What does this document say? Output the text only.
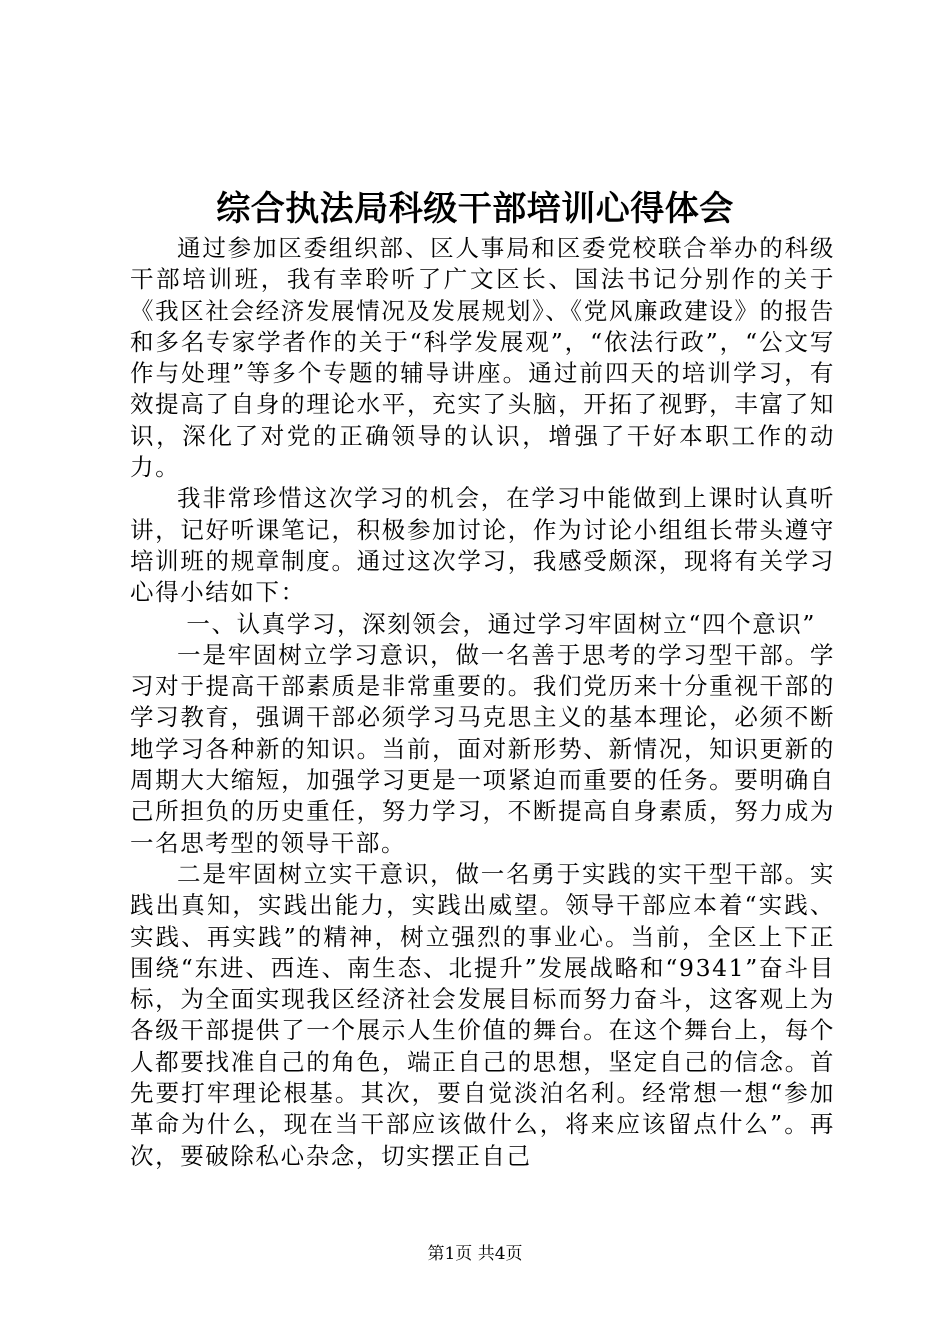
综合执法局科级干部培训心得体会

通过参加区委组织部、区人事局和区委党校联合举办的科级干部培训班，我有幸聆听了广文区长、国法书记分别作的关于《我区社会经济发展情况及发展规划》、《党风廉政建设》的报告和多名专家学者作的关于“科学发展观”，“依法行政”，“公文写作与处理”等多个专题的辅导讲座。通过前四天的培训学习，有效提高了自身的理论水平，充实了头脑，开拓了视野，丰富了知识，深化了对党的正确领导的认识，增强了干好本职工作的动力。

我非常珍惜这次学习的机会，在学习中能做到上课时认真听讲，记好听课笔记，积极参加讨论，作为讨论小组组长带头遵守培训班的规章制度。通过这次学习，我感受颇深，现将有关学习心得小结如下：

一、认真学习，深刻领会，通过学习牢固树立“四个意识”

一是牢固树立学习意识，做一名善于思考的学习型干部。学习对于提高干部素质是非常重要的。我们党历来十分重视干部的学习教育，强调干部必须学习马克思主义的基本理论，必须不断地学习各种新的知识。当前，面对新形势、新情况，知识更新的周期大大缩短，加强学习更是一项紧迫而重要的任务。要明确自己所担负的历史重任，努力学习，不断提高自身素质，努力成为一名思考型的领导干部。

二是牢固树立实干意识，做一名勇于实践的实干型干部。实践出真知，实践出能力，实践出威望。领导干部应本着“实践、实践、再实践”的精神，树立强烈的事业心。当前，全区上下正围绕“东进、西连、南生态、北提升”发展战略和“9341”奋斗目标，为全面实现我区经济社会发展目标而努力奋斗，这客观上为各级干部提供了一个展示人生价值的舞台。在这个舞台上，每个人都要找准自己的角色，端正自己的思想，坚定自己的信念。首先要打牢理论根基。其次，要自觉淡泊名利。经常想一想“参加革命为什么，现在当干部应该做什么，将来应该留点什么”。再次，要破除私心杂念，切实摆正自己

第1页 共4页
